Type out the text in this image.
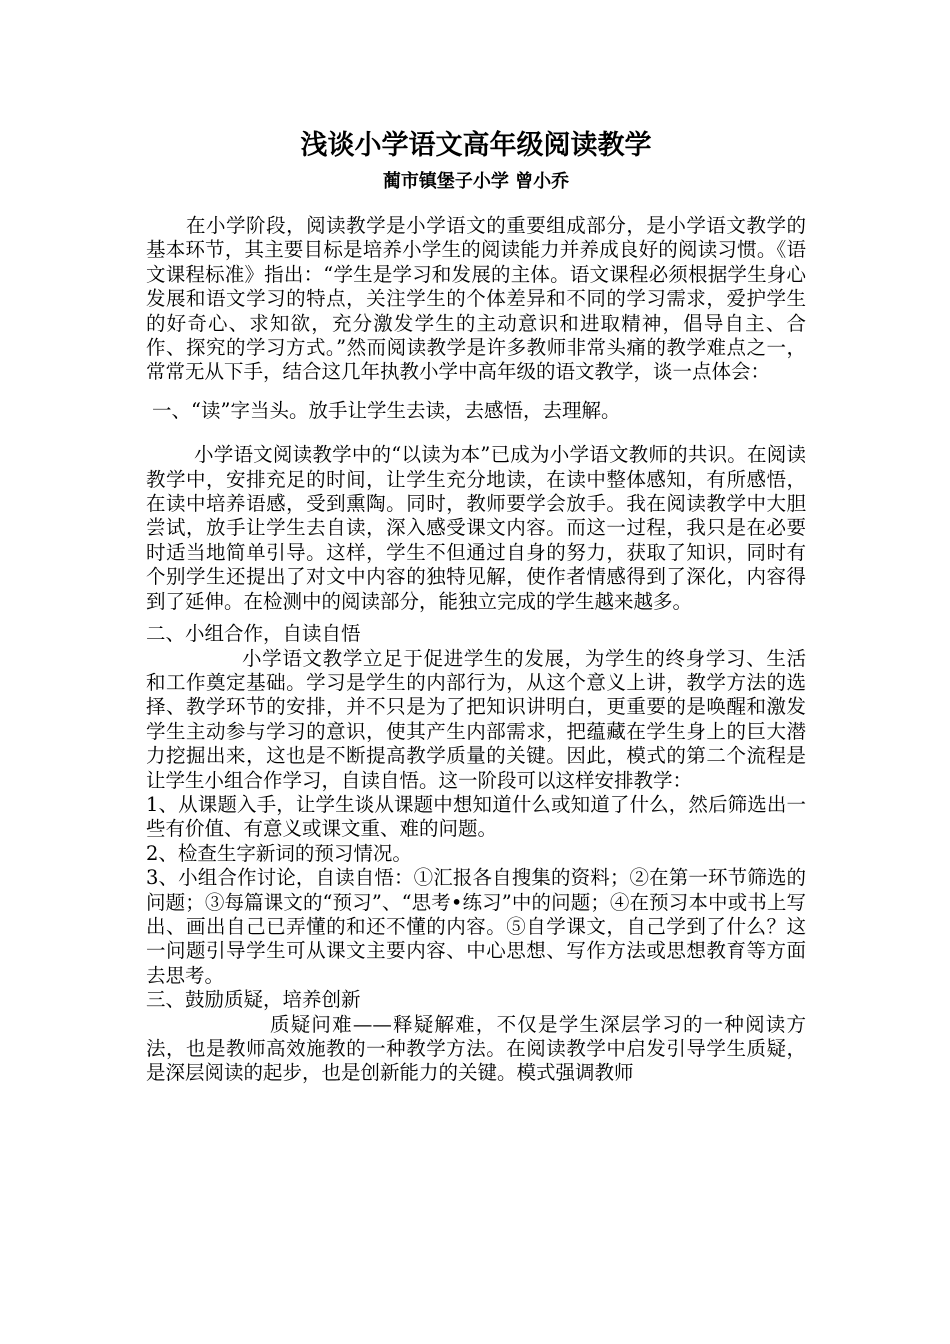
浅谈小学语文高年级阅读教学
蔺市镇堡子小学 曾小乔

在小学阶段，阅读教学是小学语文的重要组成部分，是小学语文教学的基本环节，其主要目标是培养小学生的阅读能力并养成良好的阅读习惯。《语文课程标准》指出：“学生是学习和发展的主体。语文课程必须根据学生身心发展和语文学习的特点，关注学生的个体差异和不同的学习需求，爱护学生的好奇心、求知欲，充分激发学生的主动意识和进取精神，倡导自主、合作、探究的学习方式。”然而阅读教学是许多教师非常头痛的教学难点之一，常常无从下手，结合这几年执教小学中高年级的语文教学，谈一点体会：

一、“读”字当头。放手让学生去读，去感悟，去理解。

小学语文阅读教学中的“以读为本”已成为小学语文教师的共识。在阅读教学中，安排充足的时间，让学生充分地读，在读中整体感知，有所感悟，在读中培养语感，受到熏陶。同时，教师要学会放手。我在阅读教学中大胆尝试，放手让学生去自读，深入感受课文内容。而这一过程，我只是在必要时适当地简单引导。这样，学生不但通过自身的努力，获取了知识，同时有个别学生还提出了对文中内容的独特见解，使作者情感得到了深化，内容得到了延伸。在检测中的阅读部分，能独立完成的学生越来越多。

二、小组合作，自读自悟

小学语文教学立足于促进学生的发展，为学生的终身学习、生活和工作奠定基础。学习是学生的内部行为，从这个意义上讲，教学方法的选择、教学环节的安排，并不只是为了把知识讲明白，更重要的是唤醒和激发学生主动参与学习的意识，使其产生内部需求，把蕴藏在学生身上的巨大潜力挖掘出来，这也是不断提高教学质量的关键。因此，模式的第二个流程是让学生小组合作学习，自读自悟。这一阶段可以这样安排教学：

1、从课题入手，让学生谈从课题中想知道什么或知道了什么，然后筛选出一些有价值、有意义或课文重、难的问题。

2、检查生字新词的预习情况。

3、小组合作讨论，自读自悟：①汇报各自搜集的资料；②在第一环节筛选的问题；③每篇课文的“预习”、“思考•练习”中的问题；④在预习本中或书上写出、画出自己已弄懂的和还不懂的内容。⑤自学课文，自己学到了什么？这一问题引导学生可从课文主要内容、中心思想、写作方法或思想教育等方面去思考。

三、鼓励质疑，培养创新

质疑问难——释疑解难，不仅是学生深层学习的一种阅读方法，也是教师高效施教的一种教学方法。在阅读教学中启发引导学生质疑，是深层阅读的起步，也是创新能力的关键。模式强调教师
